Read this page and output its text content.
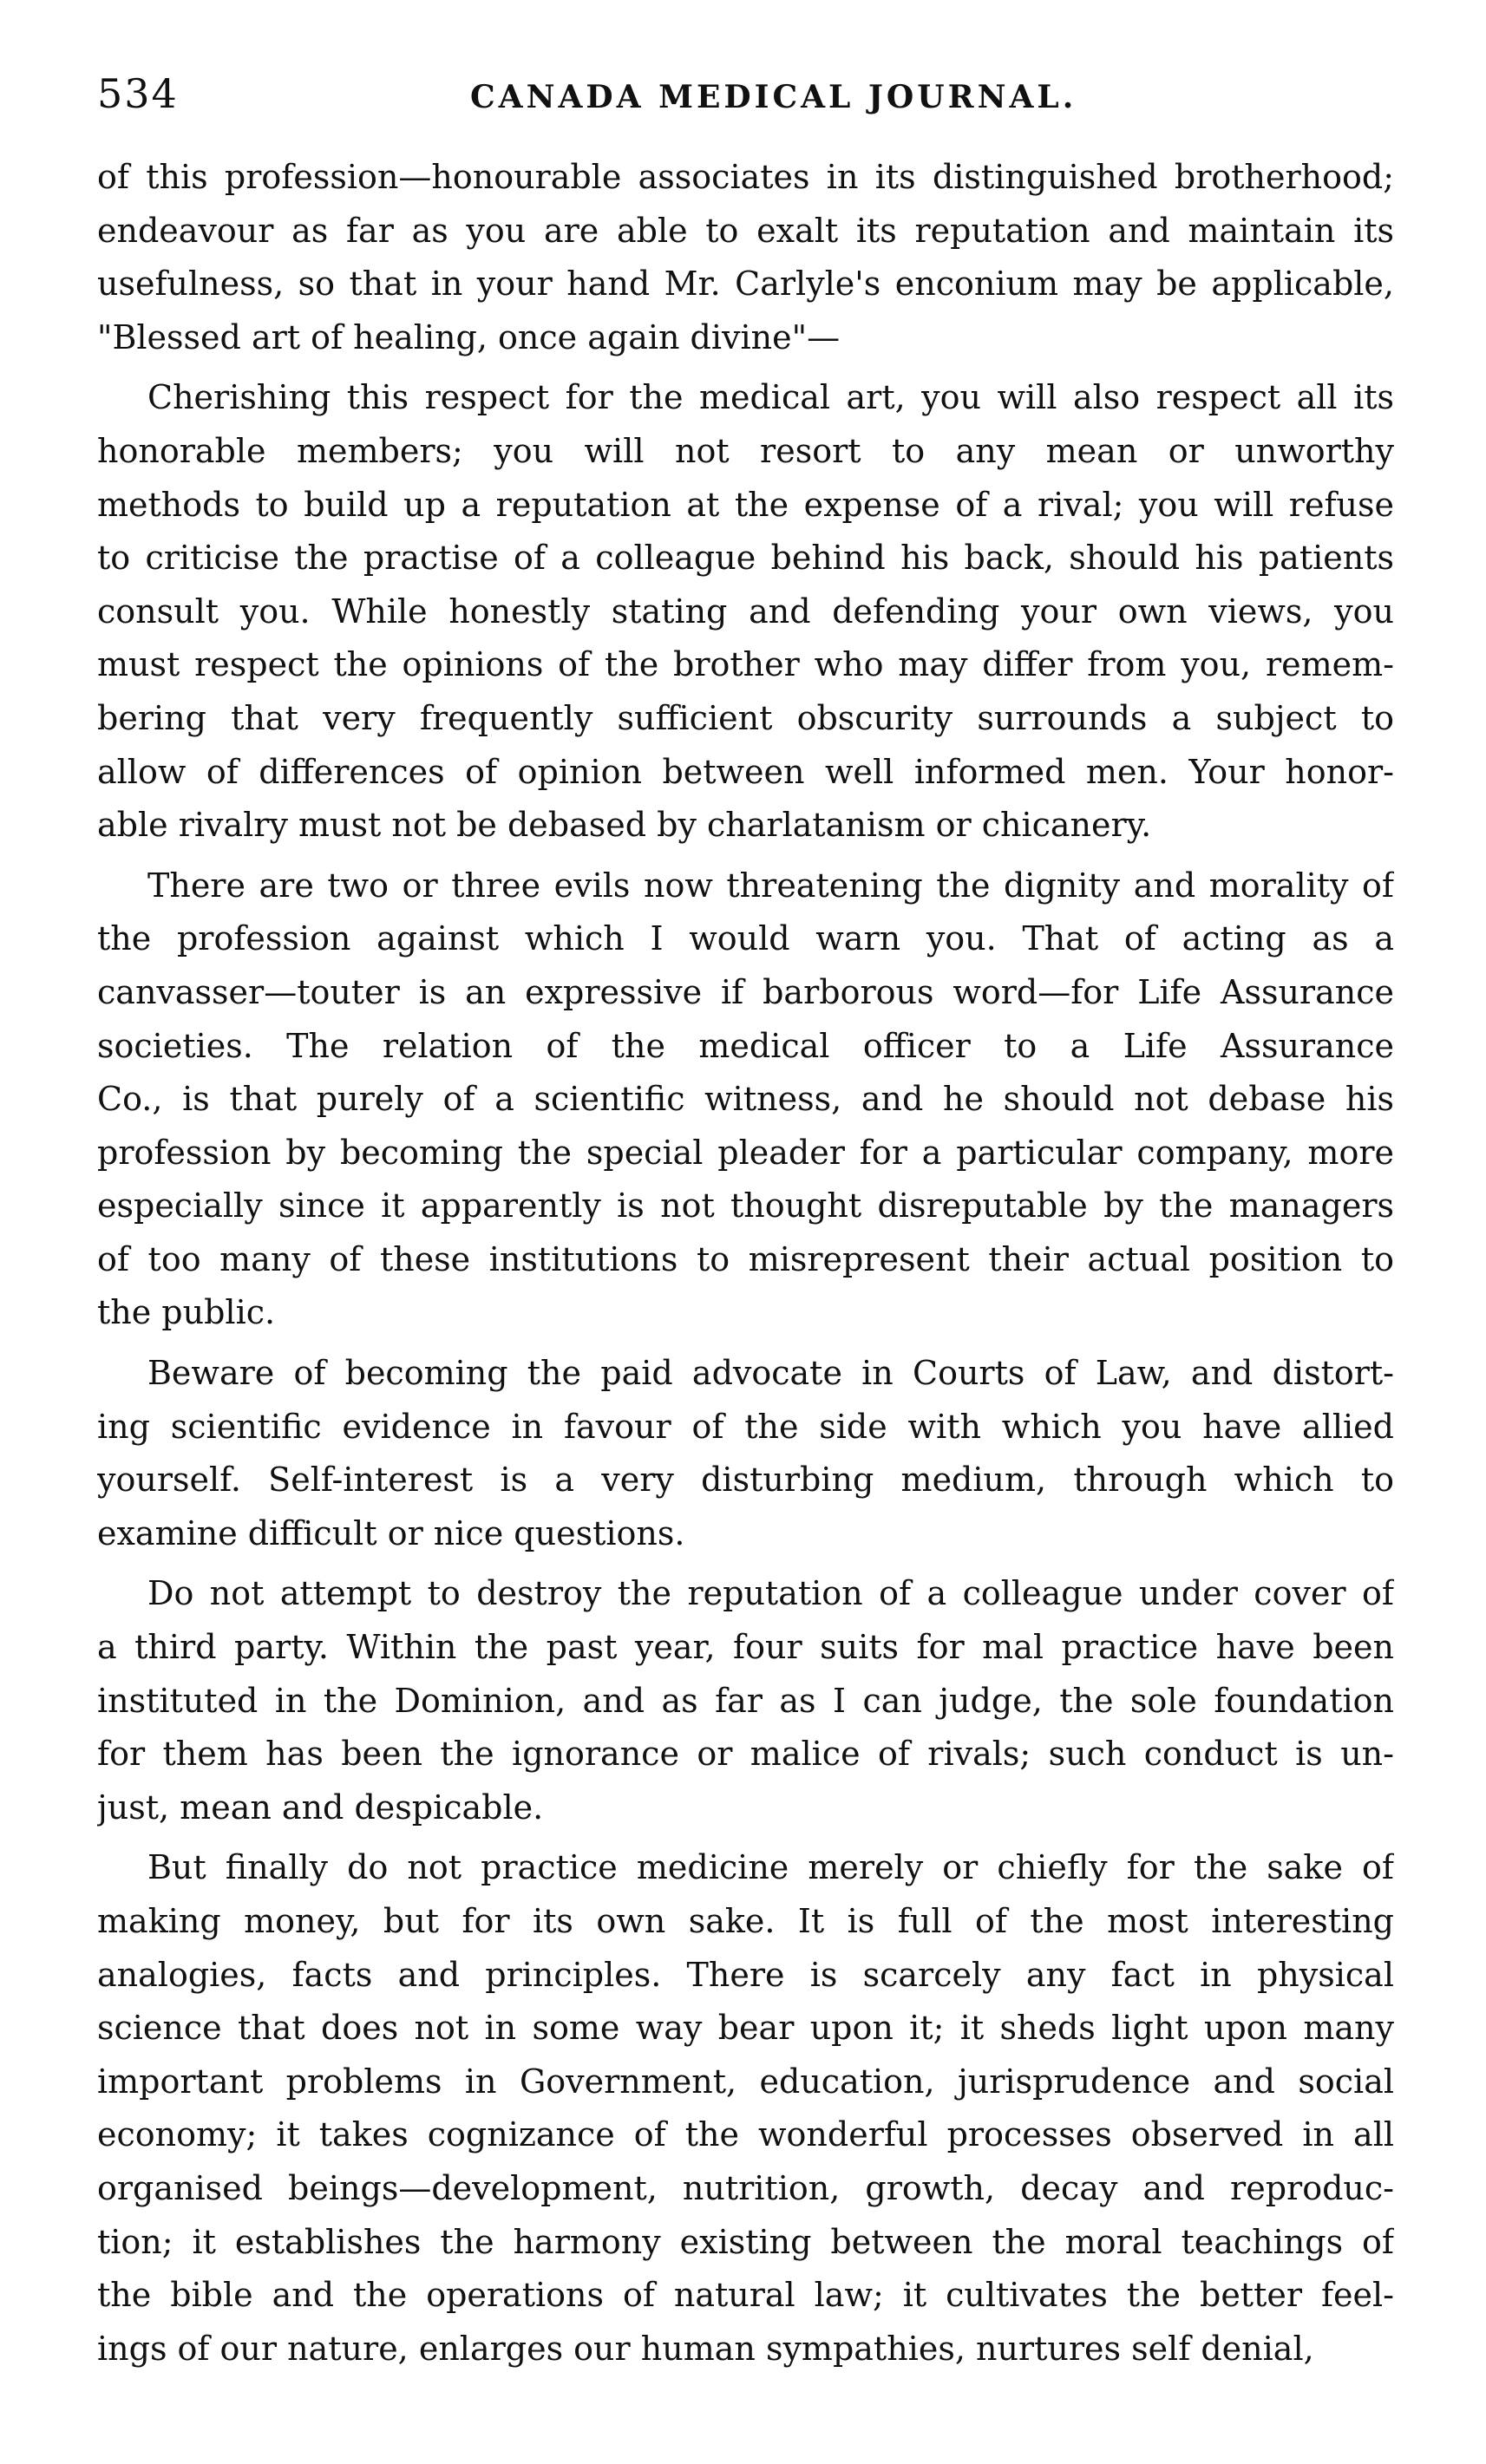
534	CANADA MEDICAL JOURNAL.
of this profession—honourable associates in its distinguished brotherhood;
endeavour as far as you are able to exalt its reputation and maintain its
usefulness, so that in your hand Mr. Carlyle's enconium may be applicable,
"Blessed art of healing, once again divine"—
Cherishing this respect for the medical art, you will also respect all its
honorable members; you will not resort to any mean or unworthy
methods to build up a reputation at the expense of a rival; you will refuse
to criticise the practise of a colleague behind his back, should his patients
consult you. While honestly stating and defending your own views, you
must respect the opinions of the brother who may differ from you, remem-
bering that very frequently sufficient obscurity surrounds a subject to
allow of differences of opinion between well informed men. Your honor-
able rivalry must not be debased by charlatanism or chicanery.
There are two or three evils now threatening the dignity and morality of
the profession against which I would warn you. That of acting as a
canvasser—touter is an expressive if barborous word—for Life Assurance
societies. The relation of the medical officer to a Life Assurance
Co., is that purely of a scientific witness, and he should not debase his
profession by becoming the special pleader for a particular company, more
especially since it apparently is not thought disreputable by the managers
of too many of these institutions to misrepresent their actual position to
the public.
Beware of becoming the paid advocate in Courts of Law, and distort-
ing scientific evidence in favour of the side with which you have allied
yourself. Self-interest is a very disturbing medium, through which to
examine difficult or nice questions.
Do not attempt to destroy the reputation of a colleague under cover of
a third party. Within the past year, four suits for mal practice have been
instituted in the Dominion, and as far as I can judge, the sole foundation
for them has been the ignorance or malice of rivals; such conduct is un-
just, mean and despicable.
But finally do not practice medicine merely or chiefly for the sake of
making money, but for its own sake. It is full of the most interesting
analogies, facts and principles. There is scarcely any fact in physical
science that does not in some way bear upon it; it sheds light upon many
important problems in Government, education, jurisprudence and social
economy; it takes cognizance of the wonderful processes observed in all
organised beings—development, nutrition, growth, decay and reproduc-
tion; it establishes the harmony existing between the moral teachings of
the bible and the operations of natural law; it cultivates the better feel-
ings of our nature, enlarges our human sympathies, nurtures self denial,
